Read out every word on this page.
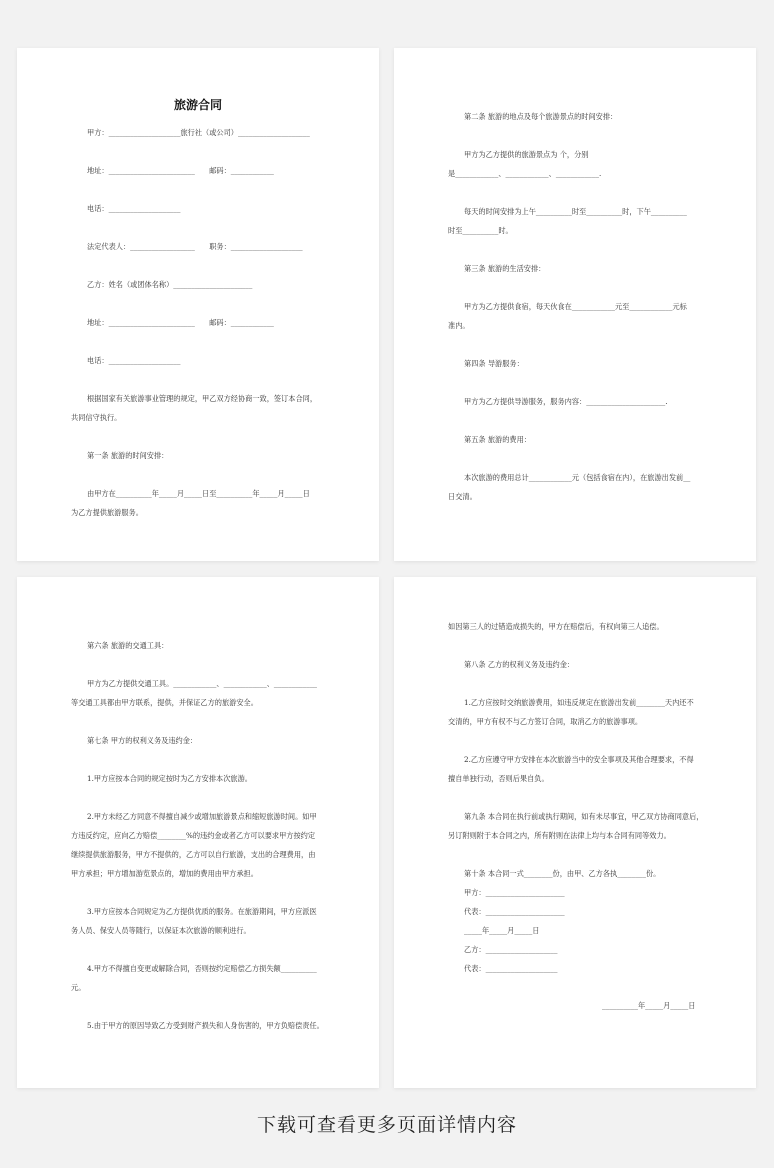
旅游合同
甲方：____________________旅行社（或公司）____________________
地址：________________________　　邮码：____________
电话：____________________
法定代表人：__________________　　职务：____________________
乙方：姓名（或团体名称）______________________
地址：________________________　　邮码：____________
电话：____________________
根据国家有关旅游事业管理的规定，甲乙双方经协商一致，签订本合同，
共同信守执行。
第一条 旅游的时间安排：
由甲方在__________年_____月_____日至__________年_____月_____日
为乙方提供旅游服务。
第二条 旅游的地点及每个旅游景点的时间安排：
甲方为乙方提供的旅游景点为 个，分别
是____________、____________、____________.
每天的时间安排为上午__________时至__________时，下午__________
时至__________时。
第三条 旅游的生活安排：
甲方为乙方提供食宿，每天伙食在____________元至____________元标
准内。
第四条 导游服务：
甲方为乙方提供导游服务，服务内容：______________________.
第五条 旅游的费用：
本次旅游的费用总计____________元（包括食宿在内），在旅游出发前__
日交清。
第六条 旅游的交通工具：
甲方为乙方提供交通工具。____________、____________、____________
等交通工具都由甲方联系，提供，并保证乙方的旅游安全。
第七条 甲方的权利义务及违约金：
1.甲方应按本合同的规定按时为乙方安排本次旅游。
2.甲方未经乙方同意不得擅自减少或增加旅游景点和缩短旅游时间。如甲
方违反约定，应向乙方赔偿________%的违约金或者乙方可以要求甲方按约定
继续提供旅游服务，甲方不提供的，乙方可以自行旅游，支出的合理费用，由
甲方承担；甲方增加游览景点的，增加的费用由甲方承担。
3.甲方应按本合同规定为乙方提供优质的服务。在旅游期间，甲方应派医
务人员、保安人员等随行，以保证本次旅游的顺利进行。
4.甲方不得擅自变更或解除合同，否则按约定赔偿乙方损失额__________
元。
5.由于甲方的原因导致乙方受到财产损失和人身伤害的，甲方负赔偿责任。
如因第三人的过错造成损失的，甲方在赔偿后，有权向第三人追偿。
第八条 乙方的权利义务及违约金：
1.乙方应按时交纳旅游费用，如违反规定在旅游出发前________天内还不
交清的，甲方有权不与乙方签订合同，取消乙方的旅游事项。
2.乙方应遵守甲方安排在本次旅游当中的安全事项及其他合理要求，不得
擅自单独行动，否则后果自负。
第九条 本合同在执行前或执行期间，如有未尽事宜，甲乙双方协商同意后，
另订附则附于本合同之内，所有附则在法律上均与本合同有同等效力。
第十条 本合同一式________份，由甲、乙方各执________份。
甲方：______________________
代表：______________________
_____年_____月_____日
乙方：____________________
代表：____________________
__________年_____月_____日
下载可查看更多页面详情内容
